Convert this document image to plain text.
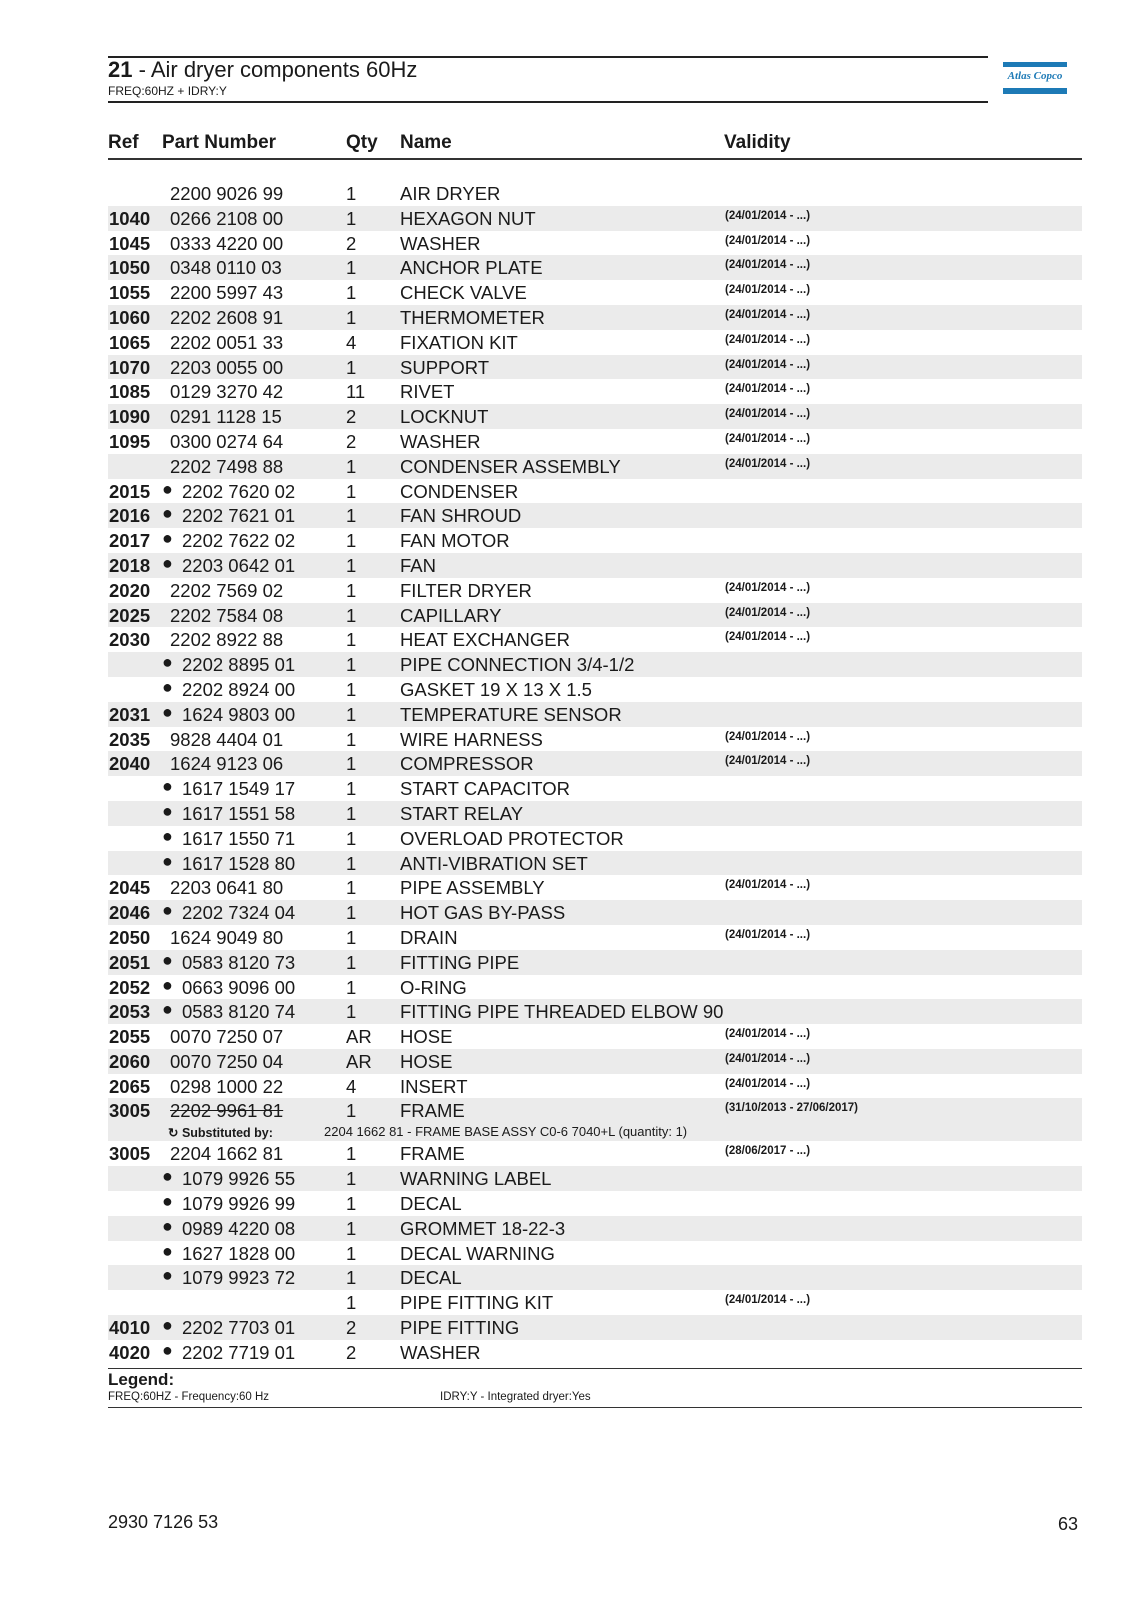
21 - Air dryer components 60Hz
FREQ:60HZ + IDRY:Y
Atlas Copco
Ref Part Number	Qty Name	Validity
2200 9026 99	1 AIR DRYER
1040 0266 2108 00	1 HEXAGON NUT	(24/01/2014 - ...)
1045 0333 4220 00	2 WASHER	(24/01/2014 - ...)
1050 0348 0110 03	1 ANCHOR PLATE	(24/01/2014 - ...)
1055 2200 5997 43	1 CHECK VALVE	(24/01/2014 - ...)
1060 2202 2608 91	1 THERMOMETER	(24/01/2014 - ...)
1065 2202 0051 33	4 FIXATION KIT	(24/01/2014 - ...)
1070 2203 0055 00	1 SUPPORT	(24/01/2014 - ...)
1085 0129 3270 42	11 RIVET	(24/01/2014 - ...)
1090 0291 1128 15	2 LOCKNUT	(24/01/2014 - ...)
1095 0300 0274 64	2 WASHER	(24/01/2014 - ...)
2202 7498 88	1 CONDENSER ASSEMBLY	(24/01/2014 - ...)
2015 ● 2202 7620 02	1 CONDENSER
2016 ● 2202 7621 01	1 FAN SHROUD
2017 ● 2202 7622 02	1 FAN MOTOR
2018 ● 2203 0642 01	1 FAN
2020 2202 7569 02	1 FILTER DRYER	(24/01/2014 - ...)
2025 2202 7584 08	1 CAPILLARY	(24/01/2014 - ...)
2030 2202 8922 88	1 HEAT EXCHANGER	(24/01/2014 - ...)
● 2202 8895 01	1 PIPE CONNECTION 3/4-1/2
● 2202 8924 00	1 GASKET 19 X 13 X 1.5
2031 ● 1624 9803 00	1 TEMPERATURE SENSOR
2035 9828 4404 01	1 WIRE HARNESS	(24/01/2014 - ...)
2040 1624 9123 06	1 COMPRESSOR	(24/01/2014 - ...)
● 1617 1549 17	1 START CAPACITOR
● 1617 1551 58	1 START RELAY
● 1617 1550 71	1 OVERLOAD PROTECTOR
● 1617 1528 80	1 ANTI-VIBRATION SET
2045 2203 0641 80	1 PIPE ASSEMBLY	(24/01/2014 - ...)
2046 ● 2202 7324 04	1 HOT GAS BY-PASS
2050 1624 9049 80	1 DRAIN	(24/01/2014 - ...)
2051 ● 0583 8120 73	1 FITTING PIPE
2052 ● 0663 9096 00	1 O-RING
2053 ● 0583 8120 74	1 FITTING PIPE THREADED ELBOW 90
2055 0070 7250 07	AR HOSE	(24/01/2014 - ...)
2060 0070 7250 04	AR HOSE	(24/01/2014 - ...)
2065 0298 1000 22	4 INSERT	(24/01/2014 - ...)
3005 2202 9961 81	1 FRAME	(31/10/2013 - 27/06/2017)
↻ Substituted by:	2204 1662 81 - FRAME BASE ASSY C0-6 7040+L (quantity: 1)
3005 2204 1662 81	1 FRAME	(28/06/2017 - ...)
● 1079 9926 55	1 WARNING LABEL
● 1079 9926 99	1 DECAL
● 0989 4220 08	1 GROMMET 18-22-3
● 1627 1828 00	1 DECAL WARNING
● 1079 9923 72	1 DECAL
1 PIPE FITTING KIT	(24/01/2014 - ...)
4010 ● 2202 7703 01	2 PIPE FITTING
4020 ● 2202 7719 01	2 WASHER
Legend:
FREQ:60HZ - Frequency:60 Hz	IDRY:Y - Integrated dryer:Yes
2930 7126 53	63
